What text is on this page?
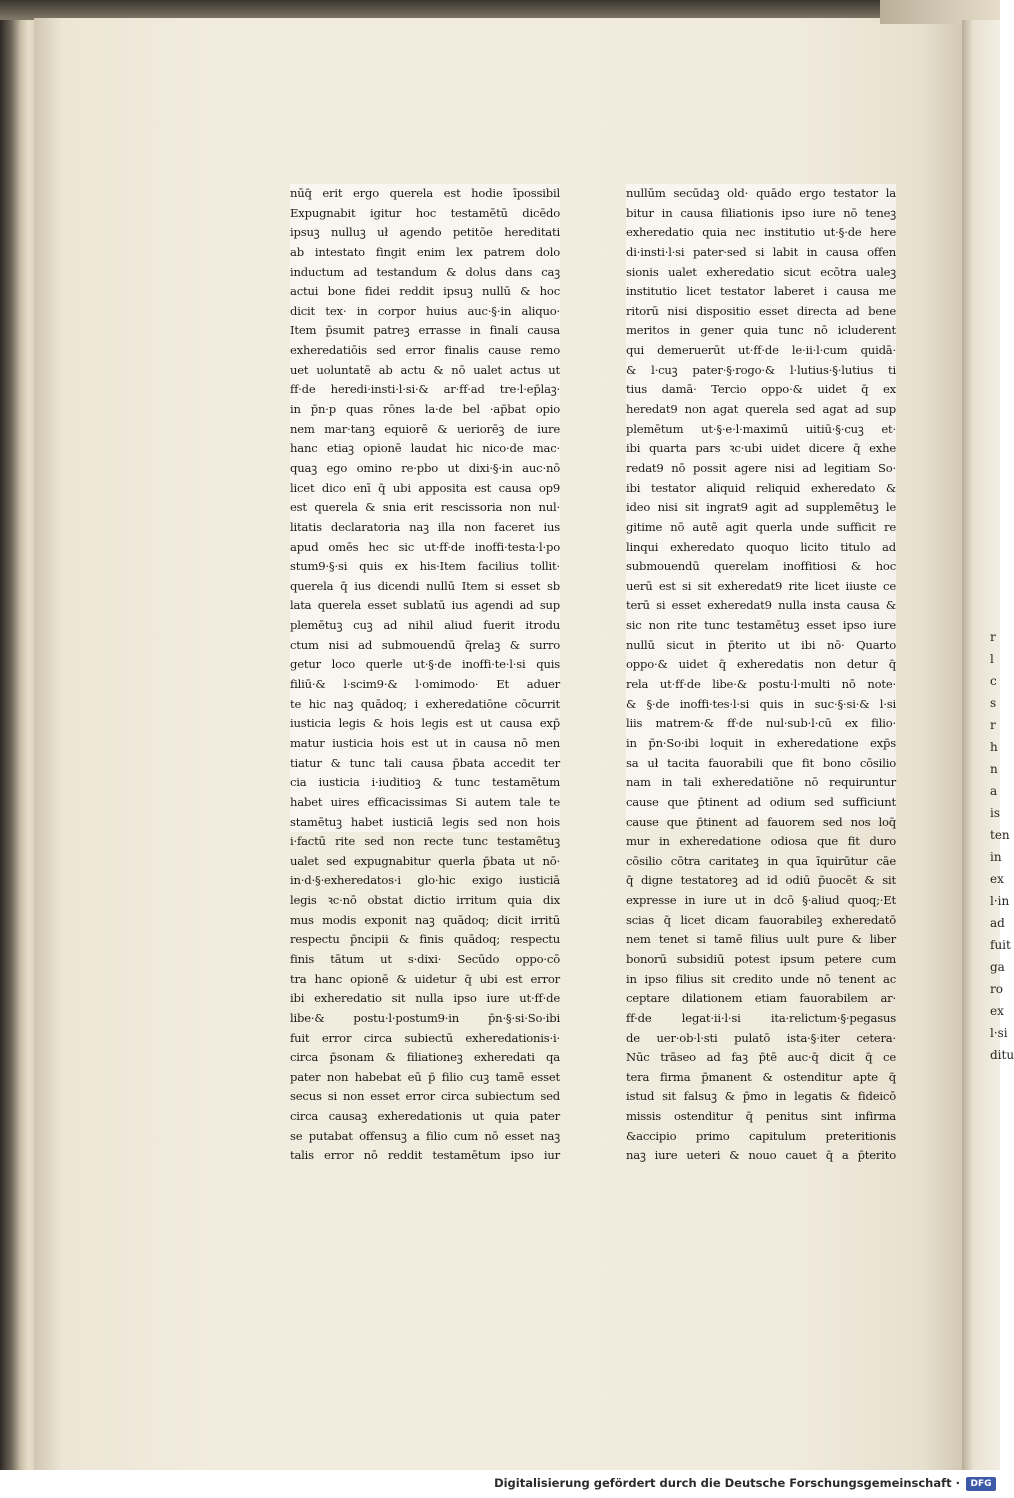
r
l
c
s
r
h
n
a
is
ten
in
ex
l·in
ad
fuit
ga
ro
ex
l·si
ditu
nūq̄ erit ergo querela est hodie īpossibil
Expugnabit igitur hoc testamētū dicēdo
ipsuꝫ nulluꝫ uł agendo petitōe hereditati
ab intestato fingit enim lex patrem dolo
inductum ad testandum & dolus dans caꝫ
actui bone fidei reddit ipsuꝫ nullū & hoc
dicit tex· in corpor huius auc·§·in aliquo·
Item p̄sumit patreꝫ errasse in finali causa
exheredatiōis sed error finalis cause remo
uet uoluntatē ab actu & nō ualet actus ut
ff·de heredi·insti·l·si·& ar·ff·ad tre·l·ep̄laꝫ·
in p̄n·p quas rōnes la·de bel ·ap̄bat opio
nem mar·tanꝫ equiorē & ueriorēꝫ de iure
hanc etiaꝫ opionē laudat hic nico·de mac·
quaꝫ ego omino re·pbo ut dixi·§·in auc·nō
licet dico enī q̄ ubi apposita est causa op9
est querela & snia erit rescissoria non nul·
litatis declaratoria naꝫ illa non faceret ius
apud omēs hec sic ut·ff·de inoffi·testa·l·po
stum9·§·si quis ex his·Item facilius tollit·
querela q̄ ius dicendi nullū Item si esset sb
lata querela esset sublatū ius agendi ad sup
plemētuꝫ cuꝫ ad nihil aliud fuerit itrodu
ctum nisi ad submouendū q̄relaꝫ & surro
getur loco querle ut·§·de inoffi·te·l·si quis
filiū·& l·scim9·& l·omimodo· Et aduer
te hic naꝫ quādoq; i exheredatiōne cōcurrit
iusticia legis & hois legis est ut causa exp̄
matur iusticia hois est ut in causa nō men
tiatur & tunc tali causa p̄bata accedit ter
cia iusticia i·iuditioꝫ & tunc testamētum
habet uires efficacissimas Si autem tale te
stamētuꝫ habet iusticiā legis sed non hois
i·factū rite sed non recte tunc testamētuꝫ
ualet sed expugnabitur querla p̄bata ut nō·
in·d·§·exheredatos·i glo·hic exigo iusticiā
legis ꝛc·nō obstat dictio irritum quia dix
mus modis exponit naꝫ quādoq; dicit irritū
respectu p̄ncipii & finis quādoq; respectu
finis tātum ut s·dixi· Secūdo oppo·cō
tra hanc opionē & uidetur q̄ ubi est error
ibi exheredatio sit nulla ipso iure ut·ff·de
libe·& postu·l·postum9·in p̄n·§·si·So·ibi
fuit error circa subiectū exheredationis·i·
circa p̄sonam & filiationeꝫ exheredati qa
pater non habebat eū p̄ filio cuꝫ tamē esset
secus si non esset error circa subiectum sed
circa causaꝫ exheredationis ut quia pater
se putabat offensuꝫ a filio cum nō esset naꝫ
talis error nō reddit testamētum ipso iur
nullūm secūdaꝫ old· quādo ergo testator la
bitur in causa filiationis ipso iure nō teneꝫ
exheredatio quia nec institutio ut·§·de here
di·insti·l·si pater·sed si labit in causa offen
sionis ualet exheredatio sicut ecōtra ualeꝫ
institutio licet testator laberet i causa me
ritorū nisi dispositio esset directa ad bene
meritos in gener quia tunc nō icluderent
qui demeruerūt ut·ff·de le·ii·l·cum quidā·
& l·cuꝫ pater·§·rogo·& l·lutius·§·lutius ti
tius damā· Tercio oppo·& uidet q̄ ex
heredat9 non agat querela sed agat ad sup
plemētum ut·§·e·l·maximū uitiū·§·cuꝫ et·
ibi quarta pars ꝛc·ubi uidet dicere q̄ exhe
redat9 nō possit agere nisi ad legitiam So·
ibi testator aliquid reliquid exheredato &
ideo nisi sit ingrat9 agit ad supplemētuꝫ le
gitime nō autē agit querla unde sufficit re
linqui exheredato quoquo licito titulo ad
submouendū querelam inoffitiosi & hoc
uerū est si sit exheredat9 rite licet iiuste ce
terū si esset exheredat9 nulla insta causa &
sic non rite tunc testamētuꝫ esset ipso iure
nullū sicut in p̄terito ut ibi nō· Quarto
oppo·& uidet q̄ exheredatis non detur q̄
rela ut·ff·de libe·& postu·l·multi nō note·
& §·de inoffi·tes·l·si quis in suc·§·si·& l·si
liis matrem·& ff·de nul·sub·l·cū ex filio·
in p̄n·So·ibi loquit in exheredatione exp̄s
sa uł tacita fauorabili que fit bono cōsilio
nam in tali exheredatiōne nō requiruntur
cause que p̄tinent ad odium sed sufficiunt
cause que p̄tinent ad fauorem sed nos loq̄
mur in exheredatione odiosa que fit duro
cōsilio cōtra caritateꝫ in qua īquirūtur cāe
q̄ digne testatoreꝫ ad id odiū p̄uocēt & sit
expresse in iure ut in dcō §·aliud quoq;·Et
scias q̄ licet dicam fauorabileꝫ exheredatō
nem tenet si tamē filius uult pure & liber
bonorū subsidiū potest ipsum petere cum
in ipso filius sit credito unde nō tenent ac
ceptare dilationem etiam fauorabilem ar·
ff·de legat·ii·l·si ita·relictum·§·pegasus
de uer·ob·l·sti pulatō ista·§·iter cetera·
Nūc trāseo ad faꝫ p̄tē auc·q̄ dicit q̄ ce
tera firma p̄manent & ostenditur apte q̄
istud sit falsuꝫ & p̄mo in legatis & fideicō
missis ostenditur q̄ penitus sint infirma
&accipio primo capitulum preteritionis
naꝫ iure ueteri & nouo cauet q̄ a p̄terito
Digitalisierung gefördert durch die Deutsche Forschungsgemeinschaft ·	DFG
